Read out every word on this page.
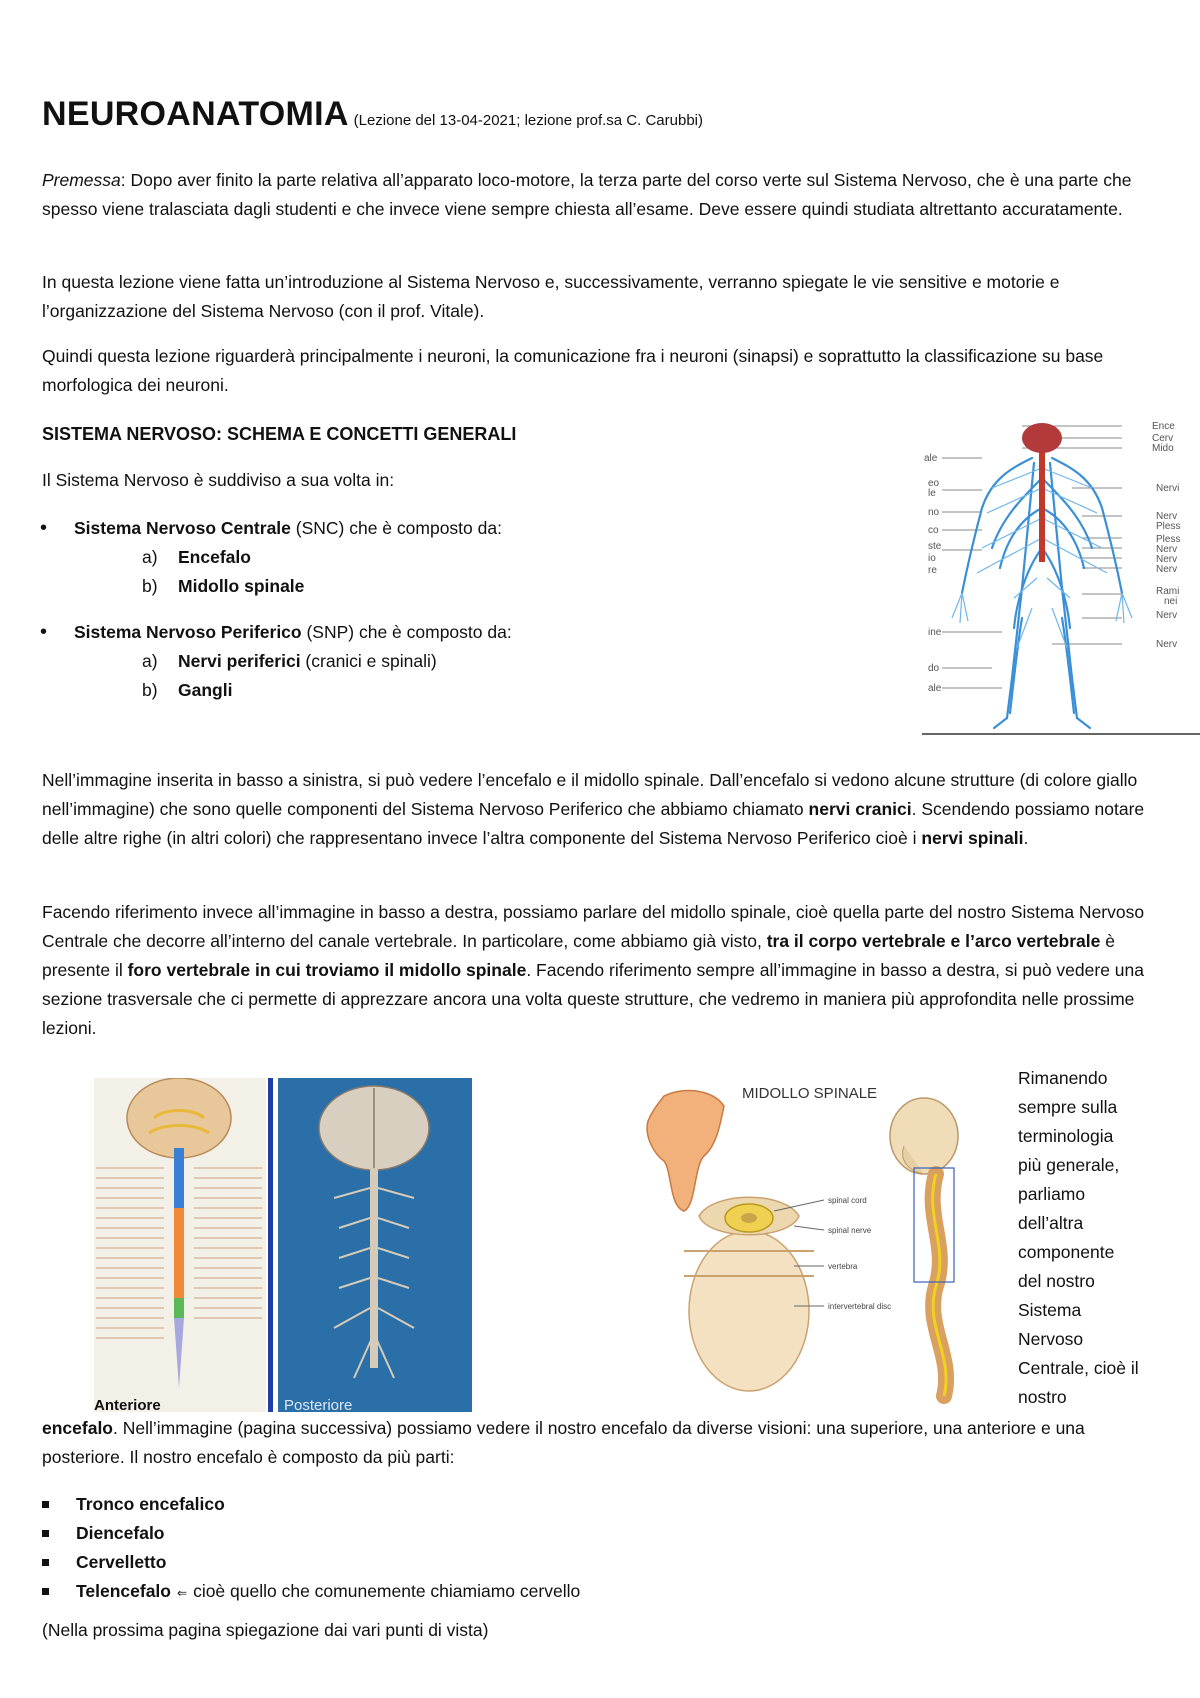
NEUROANATOMIA (Lezione del 13-04-2021; lezione prof.sa C. Carubbi)

Premessa: Dopo aver finito la parte relativa all’apparato loco-motore, la terza parte del corso verte sul Sistema Nervoso, che è una parte che spesso viene tralasciata dagli studenti e che invece viene sempre chiesta all’esame. Deve essere quindi studiata altrettanto accuratamente.

In questa lezione viene fatta un’introduzione al Sistema Nervoso e, successivamente, verranno spiegate le vie sensitive e motorie e l’organizzazione del Sistema Nervoso (con il prof. Vitale).

Quindi questa lezione riguarderà principalmente i neuroni, la comunicazione fra i neuroni (sinapsi) e soprattutto la classificazione su base morfologica dei neuroni.

SISTEMA NERVOSO: SCHEMA E CONCETTI GENERALI

Il Sistema Nervoso è suddiviso a sua volta in:

• Sistema Nervoso Centrale (SNC) che è composto da:
a) Encefalo
b) Midollo spinale
• Sistema Nervoso Periferico (SNP) che è composto da:
a) Nervi periferici (cranici e spinali)
b) Gangli
Ence
Cerv
Mido
Nervi
Nerv
Pless
Pless
Nerv
Nerv
Nerv
Rami
nei
Nerv
Nerv
ale
eo
le
no
co
ste
io
re
ine
do
ale

Nell’immagine inserita in basso a sinistra, si può vedere l’encefalo e il midollo spinale. Dall’encefalo si vedono alcune strutture (di colore giallo nell’immagine) che sono quelle componenti del Sistema Nervoso Periferico che abbiamo chiamato nervi cranici. Scendendo possiamo notare delle altre righe (in altri colori) che rappresentano invece l’altra componente del Sistema Nervoso Periferico cioè i nervi spinali.

Facendo riferimento invece all’immagine in basso a destra, possiamo parlare del midollo spinale, cioè quella parte del nostro Sistema Nervoso Centrale che decorre all’interno del canale vertebrale. In particolare, come abbiamo già visto, tra il corpo vertebrale e l’arco vertebrale è presente il foro vertebrale in cui troviamo il midollo spinale. Facendo riferimento sempre all’immagine in basso a destra, si può vedere una sezione trasversale che ci permette di apprezzare ancora una volta queste strutture, che vedremo in maniera più approfondita nelle prossime lezioni.

Anteriore	Posteriore
MIDOLLO SPINALE
spinal cord
spinal nerve
vertebra
intervertebral disc
Rimanendo
sempre sulla
terminologia
più generale,
parliamo
dell’altra
componente
del nostro
Sistema
Nervoso
Centrale, cioè il
nostro

encefalo. Nell’immagine (pagina successiva) possiamo vedere il nostro encefalo da diverse visioni: una superiore, una anteriore e una posteriore. Il nostro encefalo è composto da più parti:

Tronco encefalico
Diencefalo
Cervelletto
Telencefalo ⇐ cioè quello che comunemente chiamiamo cervello

(Nella prossima pagina spiegazione dai vari punti di vista)
